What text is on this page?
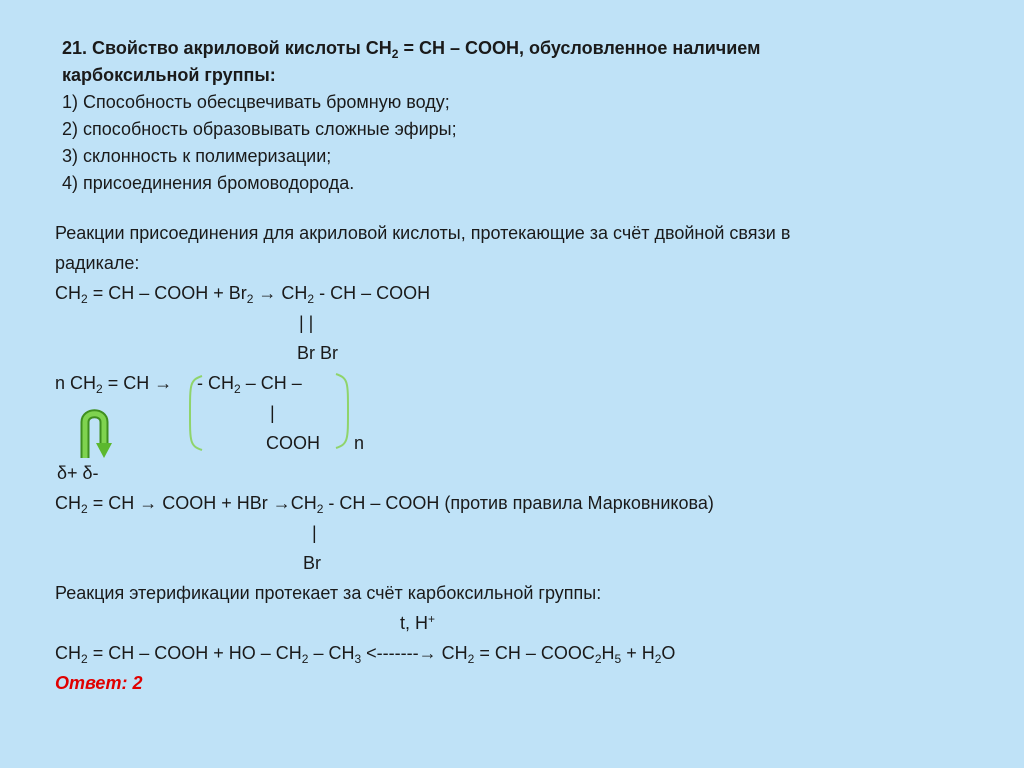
21. Свойство акриловой кислоты $CH_2$ = CH – COOH, обусловленное наличием
карбоксильной группы:
1) Способность обесцвечивать бромную воду;
2) способность образовывать сложные эфиры;
3) склонность к полимеризации;
4) присоединения бромоводорода.
Реакции присоединения для акриловой кислоты, протекающие за счёт двойной связи в
радикале:
$CH_2$ = CH – COOH + $Br_2 \to CH_2$ - CH – COOH
| |
Br Br
n $CH_2$ = CH → - $CH_2$ – CH –
|
COOH n
δ+ δ-
$CH_2$ = CH → COOH + HBr $\to CH_2$ - CH – COOH (против правила Марковникова)
|
Br
Реакция этерификации протекает за счёт карбоксильной группы:
t, H+
$CH_2$ = CH – COOH + HO – $CH_2 - CH_3$ <-------→ $CH_2$ = CH – $COOC_2H_5 + H_2O$
Ответ: 2
